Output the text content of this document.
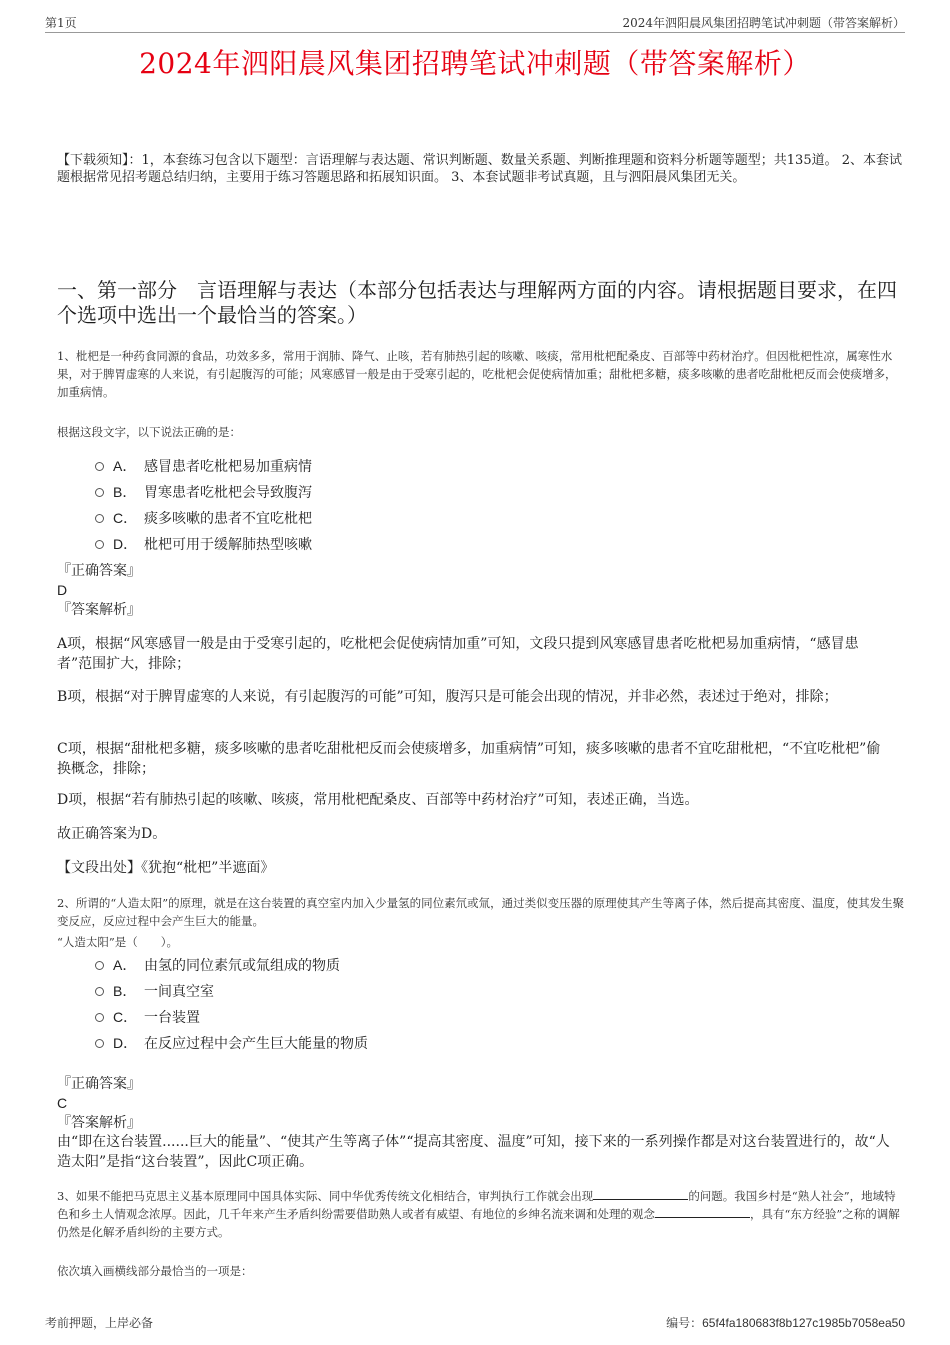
第1页	2024年泗阳晨风集团招聘笔试冲刺题（带答案解析）
2024年泗阳晨风集团招聘笔试冲刺题（带答案解析）
【下载须知】：1，本套练习包含以下题型：言语理解与表达题、常识判断题、数量关系题、判断推理题和资料分析题等题型；共135道。 2、本套试题根据常见招考题总结归纳，主要用于练习答题思路和拓展知识面。 3、本套试题非考试真题，且与泗阳晨风集团无关。
一、第一部分　言语理解与表达（本部分包括表达与理解两方面的内容。请根据题目要求，在四个选项中选出一个最恰当的答案。）
1、枇杷是一种药食同源的食品，功效多多，常用于润肺、降气、止咳，若有肺热引起的咳嗽、咳痰，常用枇杷配桑皮、百部等中药材治疗。但因枇杷性凉，属寒性水果，对于脾胃虚寒的人来说，有引起腹泻的可能；风寒感冒一般是由于受寒引起的，吃枇杷会促使病情加重；甜枇杷多糖，痰多咳嗽的患者吃甜枇杷反而会使痰增多，加重病情。
根据这段文字，以下说法正确的是：
A． 感冒患者吃枇杷易加重病情
B． 胃寒患者吃枇杷会导致腹泻
C． 痰多咳嗽的患者不宜吃枇杷
D． 枇杷可用于缓解肺热型咳嗽
『正确答案』
D
『答案解析』
A项，根据“风寒感冒一般是由于受寒引起的，吃枇杷会促使病情加重”可知，文段只提到风寒感冒患者吃枇杷易加重病情，“感冒患者”范围扩大，排除；
B项，根据“对于脾胃虚寒的人来说，有引起腹泻的可能”可知，腹泻只是可能会出现的情况，并非必然，表述过于绝对，排除；
C项，根据“甜枇杷多糖，痰多咳嗽的患者吃甜枇杷反而会使痰增多，加重病情”可知，痰多咳嗽的患者不宜吃甜枇杷，“不宜吃枇杷”偷换概念，排除；
D项，根据“若有肺热引起的咳嗽、咳痰，常用枇杷配桑皮、百部等中药材治疗”可知，表述正确，当选。
故正确答案为D。
【文段出处】《犹抱“枇杷”半遮面》
2、所谓的“人造太阳”的原理，就是在这台装置的真空室内加入少量氢的同位素氘或氚，通过类似变压器的原理使其产生等离子体，然后提高其密度、温度，使其发生聚变反应，反应过程中会产生巨大的能量。
“人造太阳”是（　　）。
A． 由氢的同位素氘或氚组成的物质
B． 一间真空室
C． 一台装置
D． 在反应过程中会产生巨大能量的物质
『正确答案』
C
『答案解析』
由“即在这台装置......巨大的能量”、“使其产生等离子体”“提高其密度、温度”可知，接下来的一系列操作都是对这台装置进行的，故“人造太阳”是指“这台装置”，因此C项正确。
3、如果不能把马克思主义基本原理同中国具体实际、同中华优秀传统文化相结合，审判执行工作就会出现	的问题。我国乡村是“熟人社会”，地域特色和乡土人情观念浓厚。因此，几千年来产生矛盾纠纷需要借助熟人或者有威望、有地位的乡绅名流来调和处理的观念	，具有“东方经验”之称的调解仍然是化解矛盾纠纷的主要方式。
依次填入画横线部分最恰当的一项是：
考前押题，上岸必备	编号：65f4fa180683f8b127c1985b7058ea50
